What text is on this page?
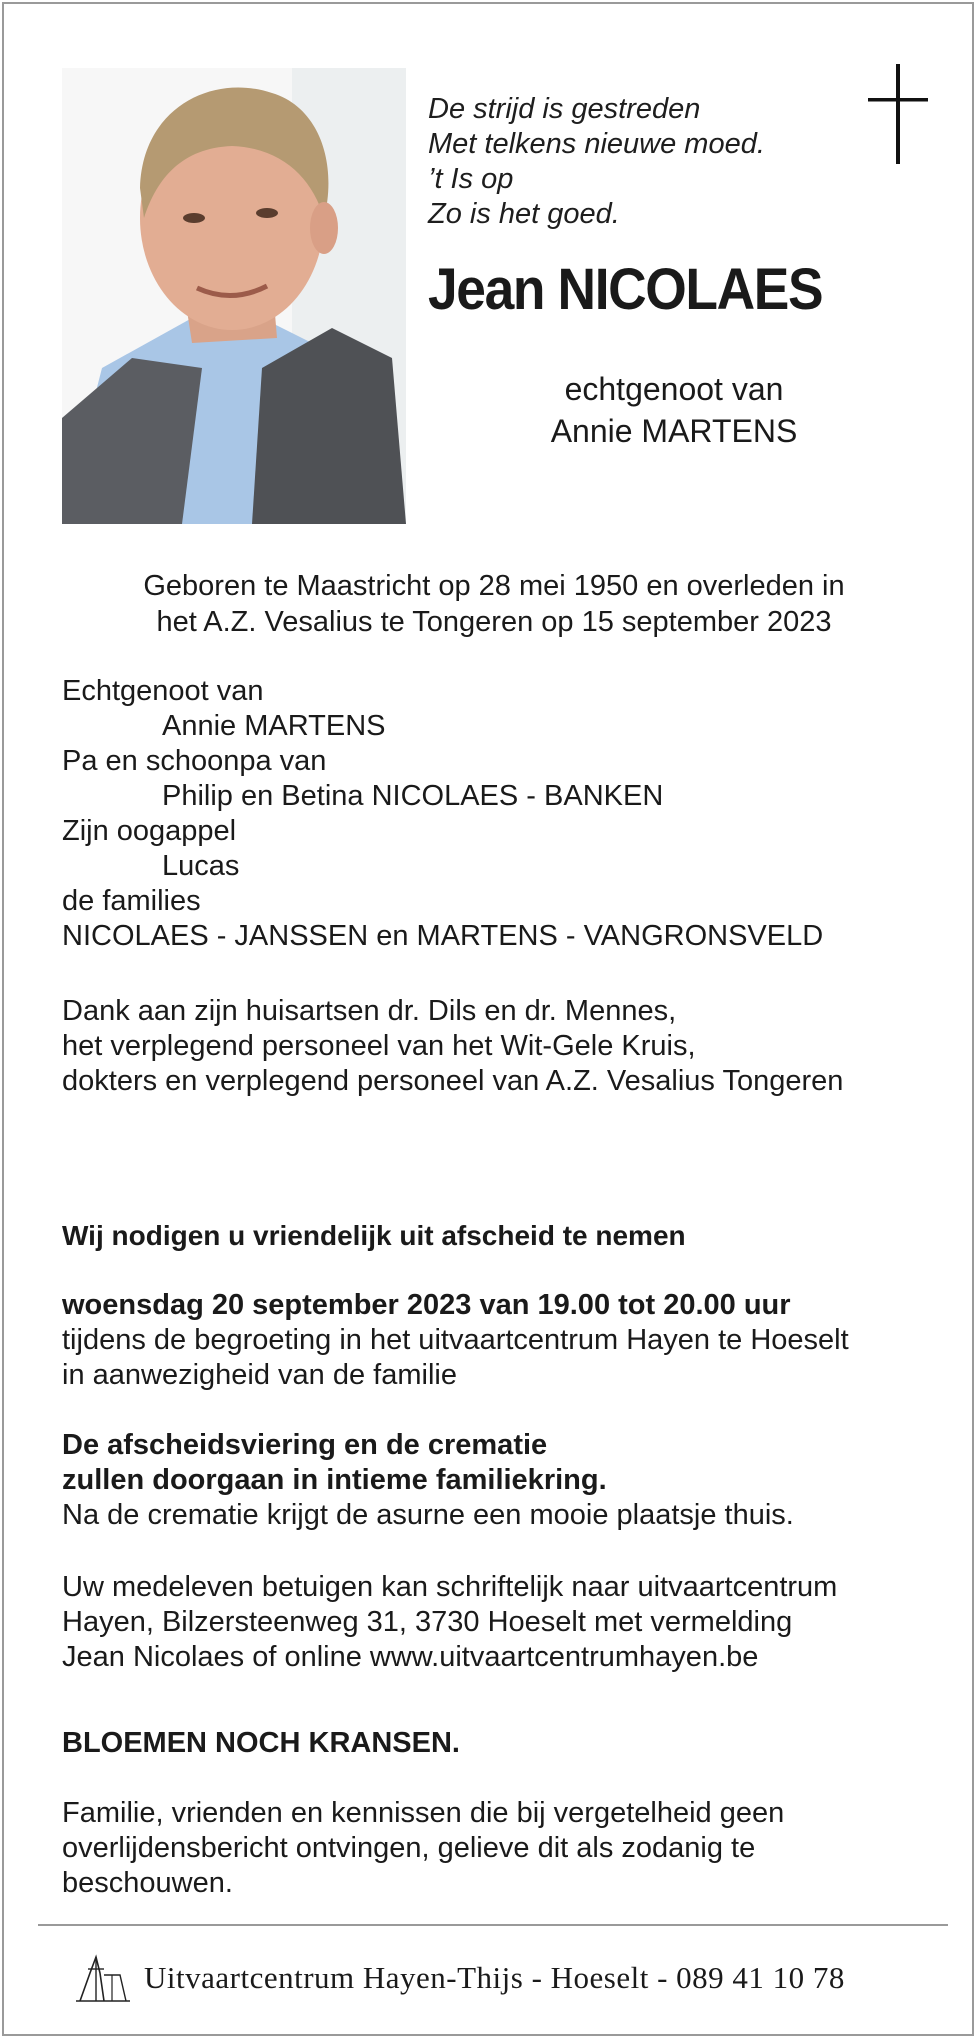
De strijd is gestreden
Met telkens nieuwe moed.
’t Is op
Zo is het goed.
Jean NICOLAES
echtgenoot van
Annie MARTENS
Geboren te Maastricht op 28 mei 1950 en overleden in
het A.Z. Vesalius te Tongeren op 15 september 2023
Echtgenoot van
Annie MARTENS
Pa en schoonpa van
Philip en Betina NICOLAES - BANKEN
Zijn oogappel
Lucas
de families
NICOLAES - JANSSEN en MARTENS - VANGRONSVELD
Dank aan zijn huisartsen dr. Dils en dr. Mennes,
het verplegend personeel van het Wit-Gele Kruis,
dokters en verplegend personeel van A.Z. Vesalius Tongeren
Wij nodigen u vriendelijk uit afscheid te nemen
woensdag 20 september 2023 van 19.00 tot 20.00 uur
tijdens de begroeting in het uitvaartcentrum Hayen te Hoeselt
in aanwezigheid van de familie
De afscheidsviering en de crematie
zullen doorgaan in intieme familiekring.
Na de crematie krijgt de asurne een mooie plaatsje thuis.
Uw medeleven betuigen kan schriftelijk naar uitvaartcentrum
Hayen, Bilzersteenweg 31, 3730 Hoeselt met vermelding
Jean Nicolaes of online www.uitvaartcentrumhayen.be
BLOEMEN NOCH KRANSEN.
Familie, vrienden en kennissen die bij vergetelheid geen
overlijdensbericht ontvingen, gelieve dit als zodanig te
beschouwen.
Uitvaartcentrum Hayen-Thijs - Hoeselt - 089 41 10 78
